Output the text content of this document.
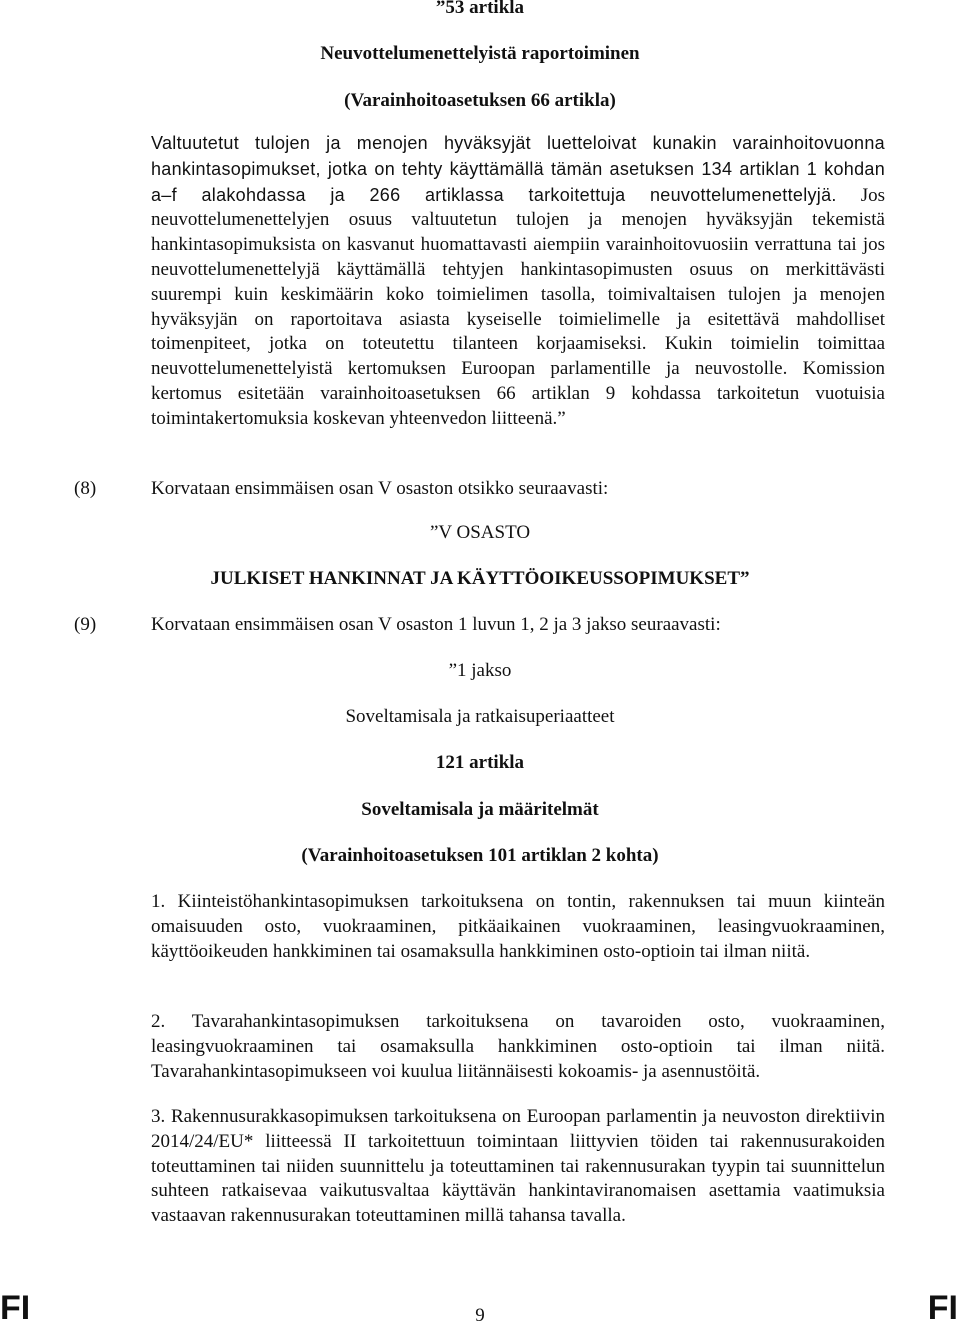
”53 artikla
Neuvottelumenettelyistä raportoiminen
(Varainhoitoasetuksen 66 artikla)
Valtuutetut tulojen ja menojen hyväksyjät luetteloivat kunakin varainhoitovuonna hankintasopimukset, jotka on tehty käyttämällä tämän asetuksen 134 artiklan 1 kohdan a–f alakohdassa ja 266 artiklassa tarkoitettuja neuvottelumenettelyjä. Jos neuvottelumenettelyjen osuus valtuutetun tulojen ja menojen hyväksyjän tekemistä hankintasopimuksista on kasvanut huomattavasti aiempiin varainhoitovuosiin verrattuna tai jos neuvottelumenettelyjä käyttämällä tehtyjen hankintasopimusten osuus on merkittävästi suurempi kuin keskimäärin koko toimielimen tasolla, toimivaltaisen tulojen ja menojen hyväksyjän on raportoitava asiasta kyseiselle toimielimelle ja esitettävä mahdolliset toimenpiteet, jotka on toteutettu tilanteen korjaamiseksi. Kukin toimielin toimittaa neuvottelumenettelyistä kertomuksen Euroopan parlamentille ja neuvostolle. Komission kertomus esitetään varainhoitoasetuksen 66 artiklan 9 kohdassa tarkoitetun vuotuisia toimintakertomuksia koskevan yhteenvedon liitteenä.”
(8)	Korvataan ensimmäisen osan V osaston otsikko seuraavasti:
”V OSASTO
JULKISET HANKINNAT JA KÄYTTÖOIKEUSSOPIMUKSET”
(9)	Korvataan ensimmäisen osan V osaston 1 luvun 1, 2 ja 3 jakso seuraavasti:
”1 jakso
Soveltamisala ja ratkaisuperiaatteet
121 artikla
Soveltamisala ja määritelmät
(Varainhoitoasetuksen 101 artiklan 2 kohta)
1. Kiinteistöhankintasopimuksen tarkoituksena on tontin, rakennuksen tai muun kiinteän omaisuuden osto, vuokraaminen, pitkäaikainen vuokraaminen, leasingvuokraaminen, käyttöoikeuden hankkiminen tai osamaksulla hankkiminen osto-optioin tai ilman niitä.
2. Tavarahankintasopimuksen tarkoituksena on tavaroiden osto, vuokraaminen, leasingvuokraaminen tai osamaksulla hankkiminen osto-optioin tai ilman niitä. Tavarahankintasopimukseen voi kuulua liitännäisesti kokoamis- ja asennustöitä.
3. Rakennusurakkasopimuksen tarkoituksena on Euroopan parlamentin ja neuvoston direktiivin 2014/24/EU* liitteessä II tarkoitettuun toimintaan liittyvien töiden tai rakennusurakoiden toteuttaminen tai niiden suunnittelu ja toteuttaminen tai rakennusurakan tyypin tai suunnittelun suhteen ratkaisevaa vaikutusvaltaa käyttävän hankintaviranomaisen asettamia vaatimuksia vastaavan rakennusurakan toteuttaminen millä tahansa tavalla.
FI	9	FI
